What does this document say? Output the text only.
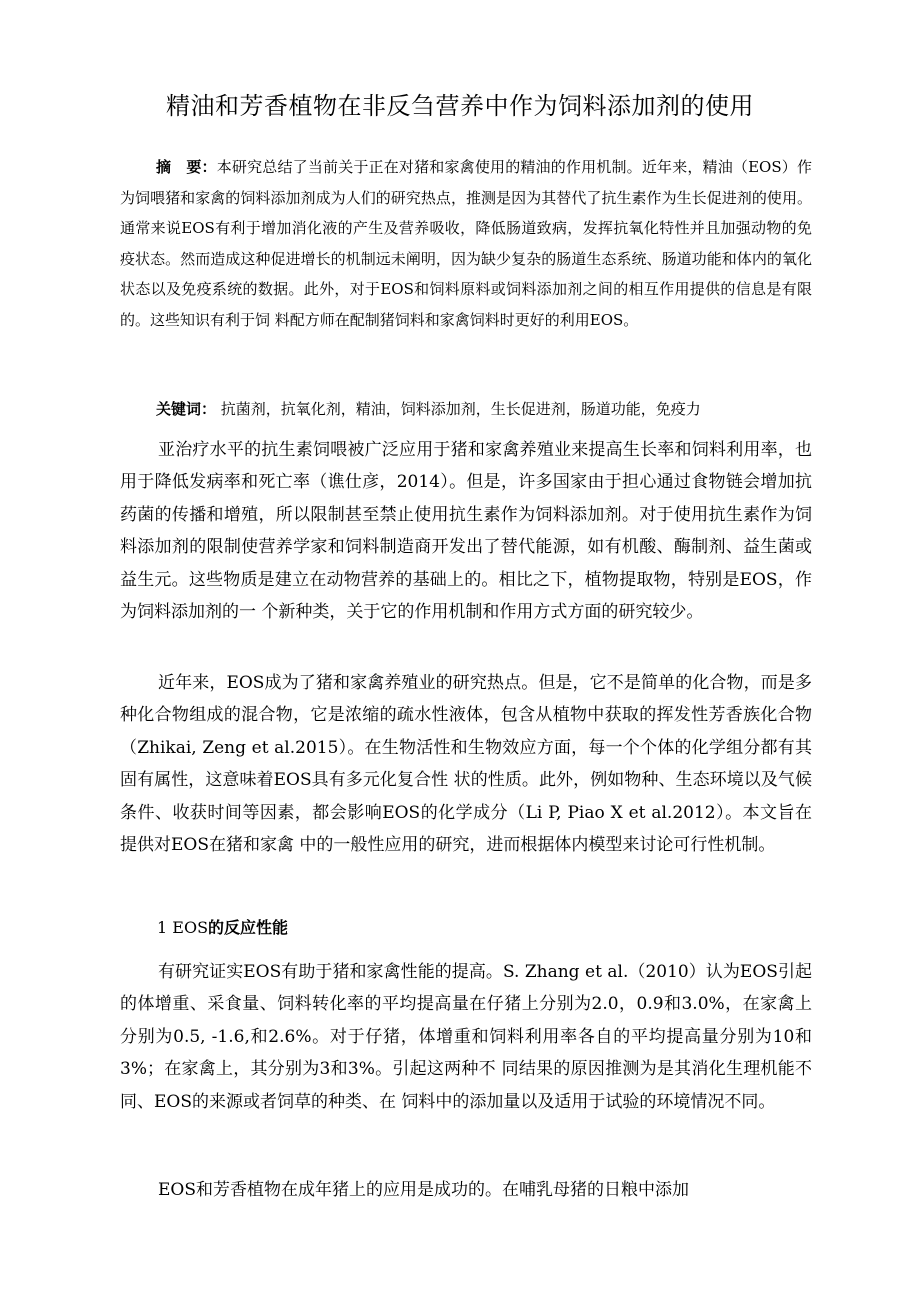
精油和芳香植物在非反刍营养中作为饲料添加剂的使用
摘　要：本研究总结了当前关于正在对猪和家禽使用的精油的作用机制。近年来，精油（EOS）作为饲喂猪和家禽的饲料添加剂成为人们的研究热点，推测是因为其替代了抗生素作为生长促进剂的使用。通常来说EOS有利于增加消化液的产生及营养吸收，降低肠道致病，发挥抗氧化特性并且加强动物的免疫状态。然而造成这种促进增长的机制远未阐明，因为缺少复杂的肠道生态系统、肠道功能和体内的氧化状态以及免疫系统的数据。此外，对于EOS和饲料原料或饲料添加剂之间的相互作用提供的信息是有限的。这些知识有利于饲 料配方师在配制猪饲料和家禽饲料时更好的利用EOS。
关键词： 抗菌剂，抗氧化剂，精油，饲料添加剂，生长促进剂，肠道功能，免疫力
亚治疗水平的抗生素饲喂被广泛应用于猪和家禽养殖业来提高生长率和饲料利用率，也用于降低发病率和死亡率（谯仕彦，2014）。但是，许多国家由于担心通过食物链会增加抗药菌的传播和增殖，所以限制甚至禁止使用抗生素作为饲料添加剂。对于使用抗生素作为饲料添加剂的限制使营养学家和饲料制造商开发出了替代能源，如有机酸、酶制剂、益生菌或益生元。这些物质是建立在动物营养的基础上的。相比之下，植物提取物，特别是EOS，作为饲料添加剂的一 个新种类，关于它的作用机制和作用方式方面的研究较少。
近年来，EOS成为了猪和家禽养殖业的研究热点。但是，它不是简单的化合物，而是多种化合物组成的混合物，它是浓缩的疏水性液体，包含从植物中获取的挥发性芳香族化合物（Zhikai, Zeng et al.2015）。在生物活性和生物效应方面，每一个个体的化学组分都有其固有属性，这意味着EOS具有多元化复合性 状的性质。此外，例如物种、生态环境以及气候条件、收获时间等因素，都会影响EOS的化学成分（Li P, Piao X et al.2012）。本文旨在提供对EOS在猪和家禽 中的一般性应用的研究，进而根据体内模型来讨论可行性机制。
1 EOS的反应性能
有研究证实EOS有助于猪和家禽性能的提高。S. Zhang et al.（2010）认为EOS引起的体增重、采食量、饲料转化率的平均提高量在仔猪上分别为2.0，0.9和3.0%，在家禽上分别为0.5, -1.6,和2.6%。对于仔猪，体增重和饲料利用率各自的平均提高量分别为10和3%；在家禽上，其分别为3和3%。引起这两种不 同结果的原因推测为是其消化生理机能不同、EOS的来源或者饲草的种类、在 饲料中的添加量以及适用于试验的环境情况不同。
EOS和芳香植物在成年猪上的应用是成功的。在哺乳母猪的日粮中添加
